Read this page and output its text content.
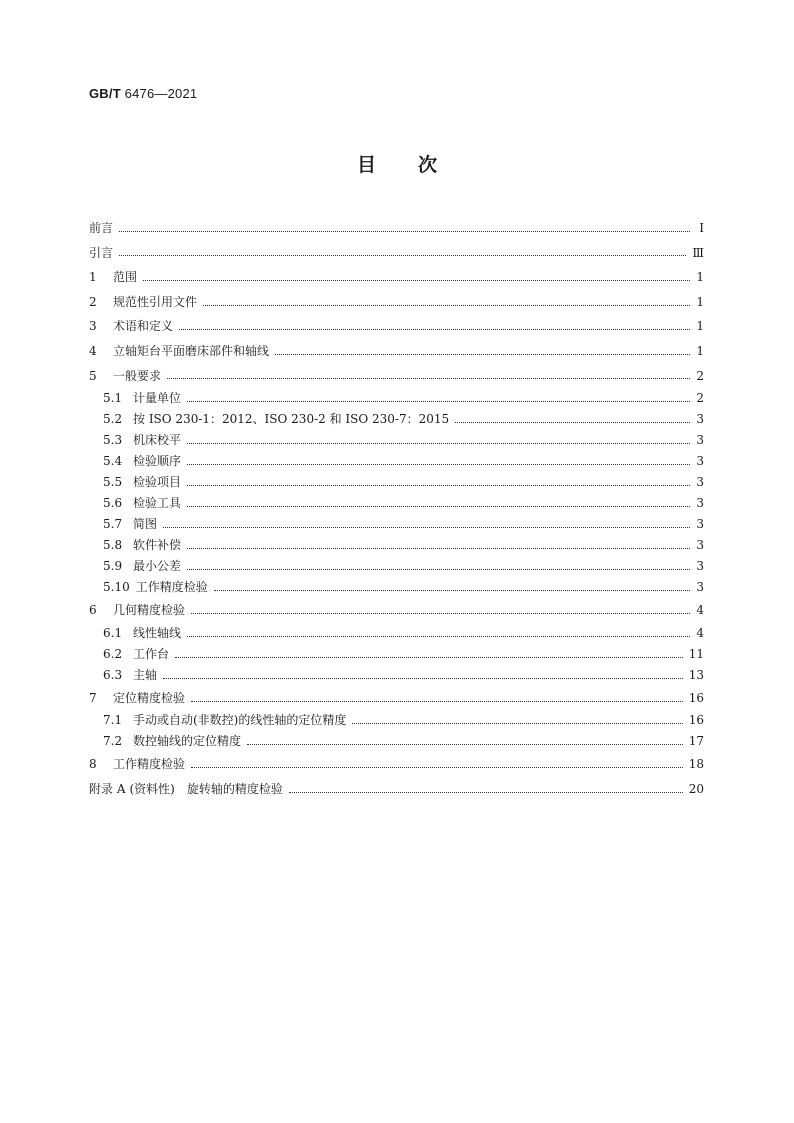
GB/T 6476—2021
目 次
前言	Ⅰ
引言	Ⅲ
1	范围	1
2	规范性引用文件	1
3	术语和定义	1
4	立轴矩台平面磨床部件和轴线	1
5	一般要求	2
5.1 计量单位	2
5.2 按 ISO 230-1：2012、ISO 230-2 和 ISO 230-7：2015	3
5.3 机床校平	3
5.4 检验顺序	3
5.5 检验项目	3
5.6 检验工具	3
5.7 简图	3
5.8 软件补偿	3
5.9 最小公差	3
5.10 工作精度检验	3
6	几何精度检验	4
6.1 线性轴线	4
6.2 工作台	11
6.3 主轴	13
7	定位精度检验	16
7.1 手动或自动(非数控)的线性轴的定位精度	16
7.2 数控轴线的定位精度	17
8	工作精度检验	18
附录 A (资料性)　旋转轴的精度检验	20
